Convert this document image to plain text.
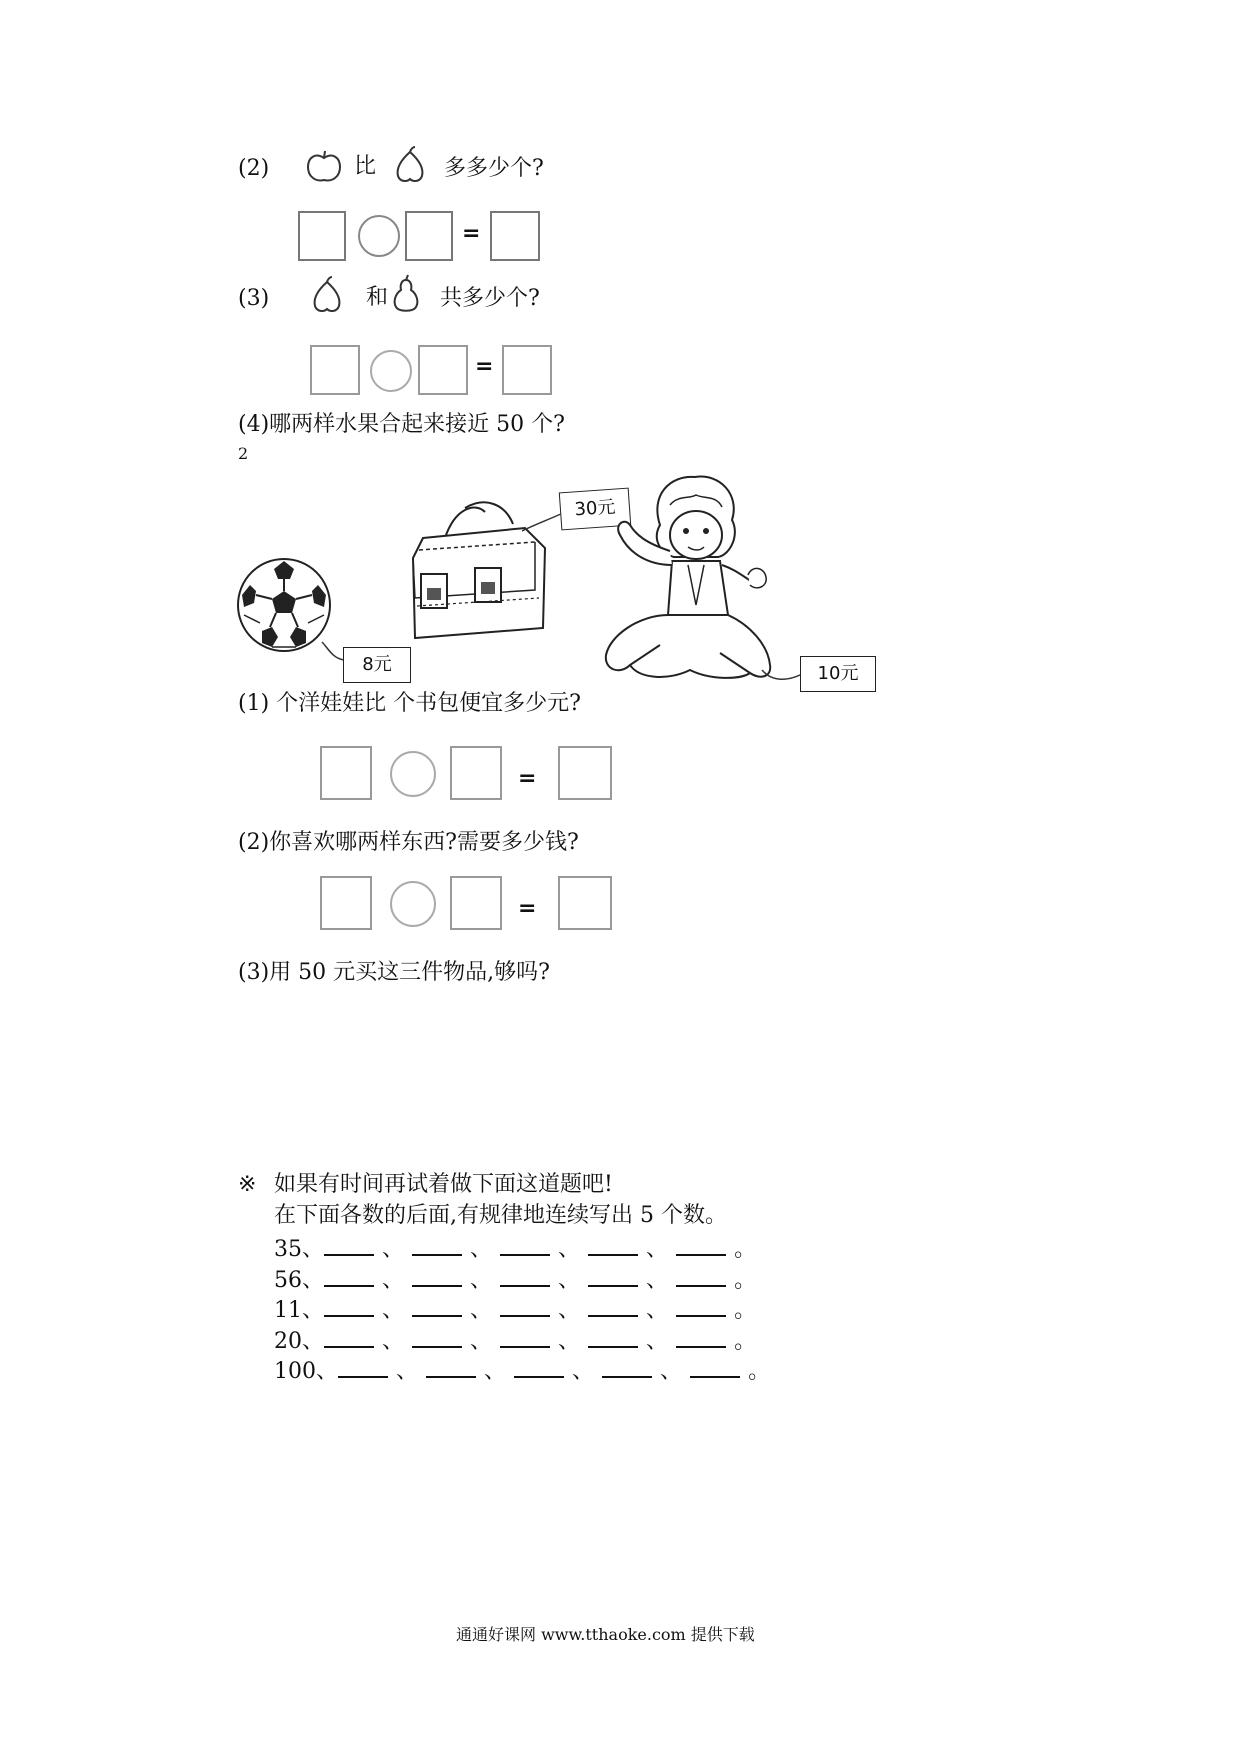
(2)	比	多多少个?
=
(3)	和 共多少个?
=
(4)哪两样水果合起来接近 50 个?
2
8元
30元
10元
(1) 个洋娃娃比 个书包便宜多少元?
=
(2)你喜欢哪两样东西?需要多少钱?
=
(3)用 50 元买这三件物品,够吗?
※ 如果有时间再试着做下面这道题吧!
在下面各数的后面,有规律地连续写出 5 个数。
35、	、	、	、	、	。
56、	、	、	、	、	。
11、	、	、	、	、	。
20、	、	、	、	、	。
100、	、	、	、	、	。
通通好课网 www.tthaoke.com 提供下载
